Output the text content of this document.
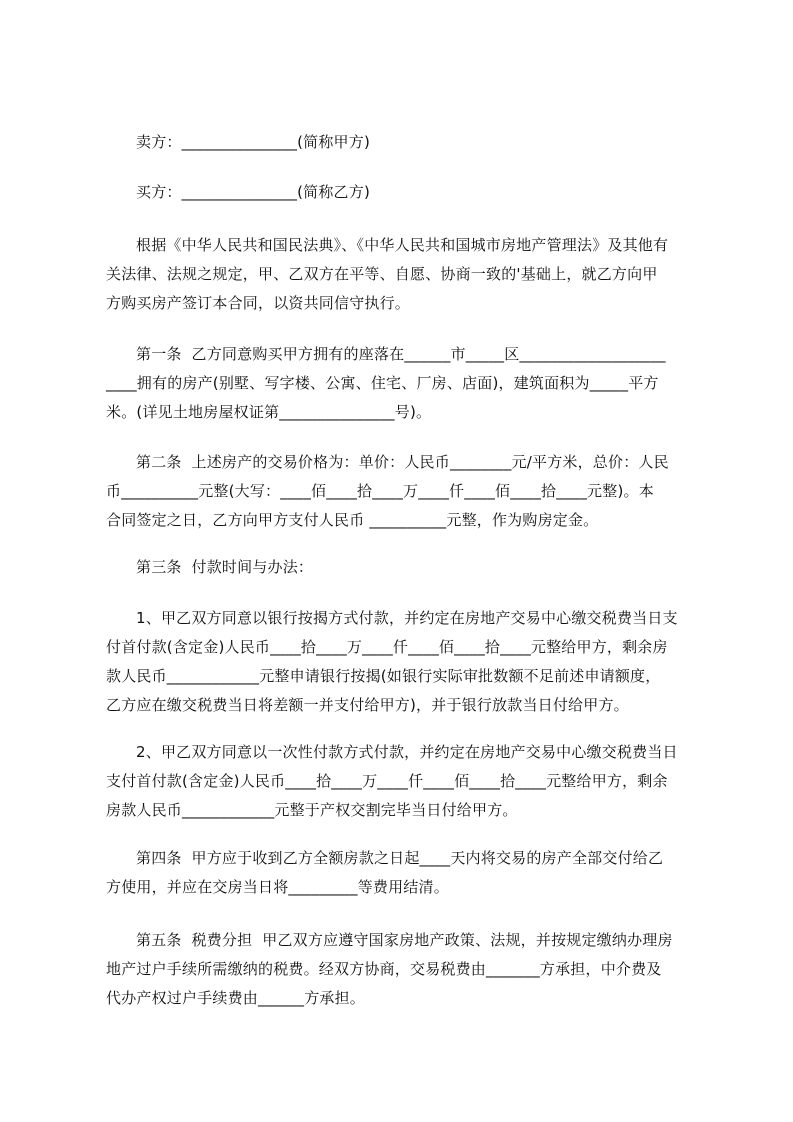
卖方：_______________(简称甲方)

买方：_______________(简称乙方)

根据《中华人民共和国民法典》、《中华人民共和国城市房地产管理法》及其他有
关法律、法规之规定，甲、乙双方在平等、自愿、协商一致的'基础上，就乙方向甲
方购买房产签订本合同，以资共同信守执行。
第一条  乙方同意购买甲方拥有的座落在______市_____区___________________
____拥有的房产(别墅、写字楼、公寓、住宅、厂房、店面)，建筑面积为_____平方
米。(详见土地房屋权证第_______________号)。
第二条  上述房产的交易价格为：单价：人民币________元/平方米，总价：人民
币__________元整(大写：____佰____拾____万____仟____佰____拾____元整)。本
合同签定之日，乙方向甲方支付人民币 __________元整，作为购房定金。
第三条  付款时间与办法：
1、甲乙双方同意以银行按揭方式付款，并约定在房地产交易中心缴交税费当日支
付首付款(含定金)人民币____拾____万____仟____佰____拾____元整给甲方，剩余房
款人民币____________元整申请银行按揭(如银行实际审批数额不足前述申请额度，
乙方应在缴交税费当日将差额一并支付给甲方)，并于银行放款当日付给甲方。
2、甲乙双方同意以一次性付款方式付款，并约定在房地产交易中心缴交税费当日
支付首付款(含定金)人民币____拾____万____仟____佰____拾____元整给甲方，剩余
房款人民币____________元整于产权交割完毕当日付给甲方。
第四条  甲方应于收到乙方全额房款之日起____天内将交易的房产全部交付给乙
方使用，并应在交房当日将_________等费用结清。
第五条  税费分担  甲乙双方应遵守国家房地产政策、法规，并按规定缴纳办理房
地产过户手续所需缴纳的税费。经双方协商，交易税费由_______方承担，中介费及
代办产权过户手续费由______方承担。
